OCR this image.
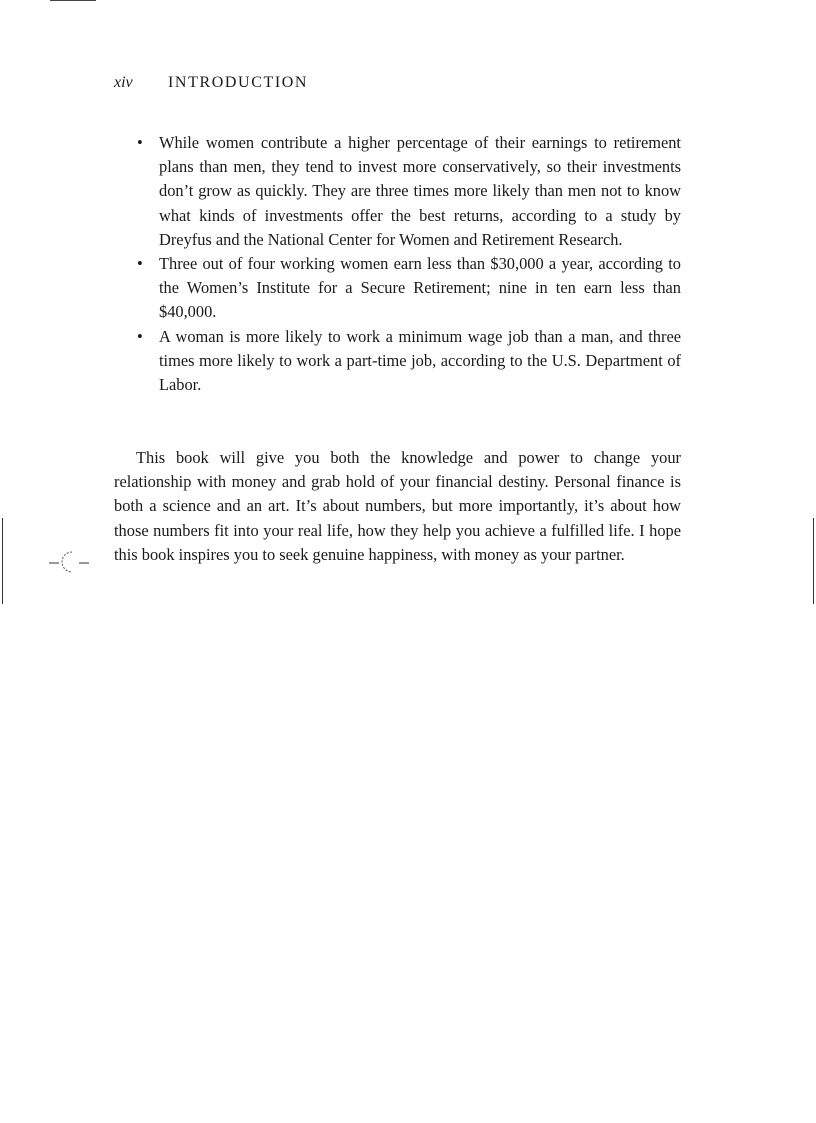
xiv INTRODUCTION
• While women contribute a higher percentage of their earnings to retirement plans than men, they tend to invest more conservatively, so their investments don’t grow as quickly. They are three times more likely than men not to know what kinds of investments offer the best returns, according to a study by Dreyfus and the National Center for Women and Retirement Research.
• Three out of four working women earn less than $30,000 a year, according to the Women’s Institute for a Secure Retirement; nine in ten earn less than $40,000.
• A woman is more likely to work a minimum wage job than a man, and three times more likely to work a part-time job, according to the U.S. Department of Labor.

This book will give you both the knowledge and power to change your relationship with money and grab hold of your financial destiny. Personal finance is both a science and an art. It’s about numbers, but more importantly, it’s about how those numbers fit into your real life, how they help you achieve a fulfilled life. I hope this book inspires you to seek genuine happiness, with money as your partner.
